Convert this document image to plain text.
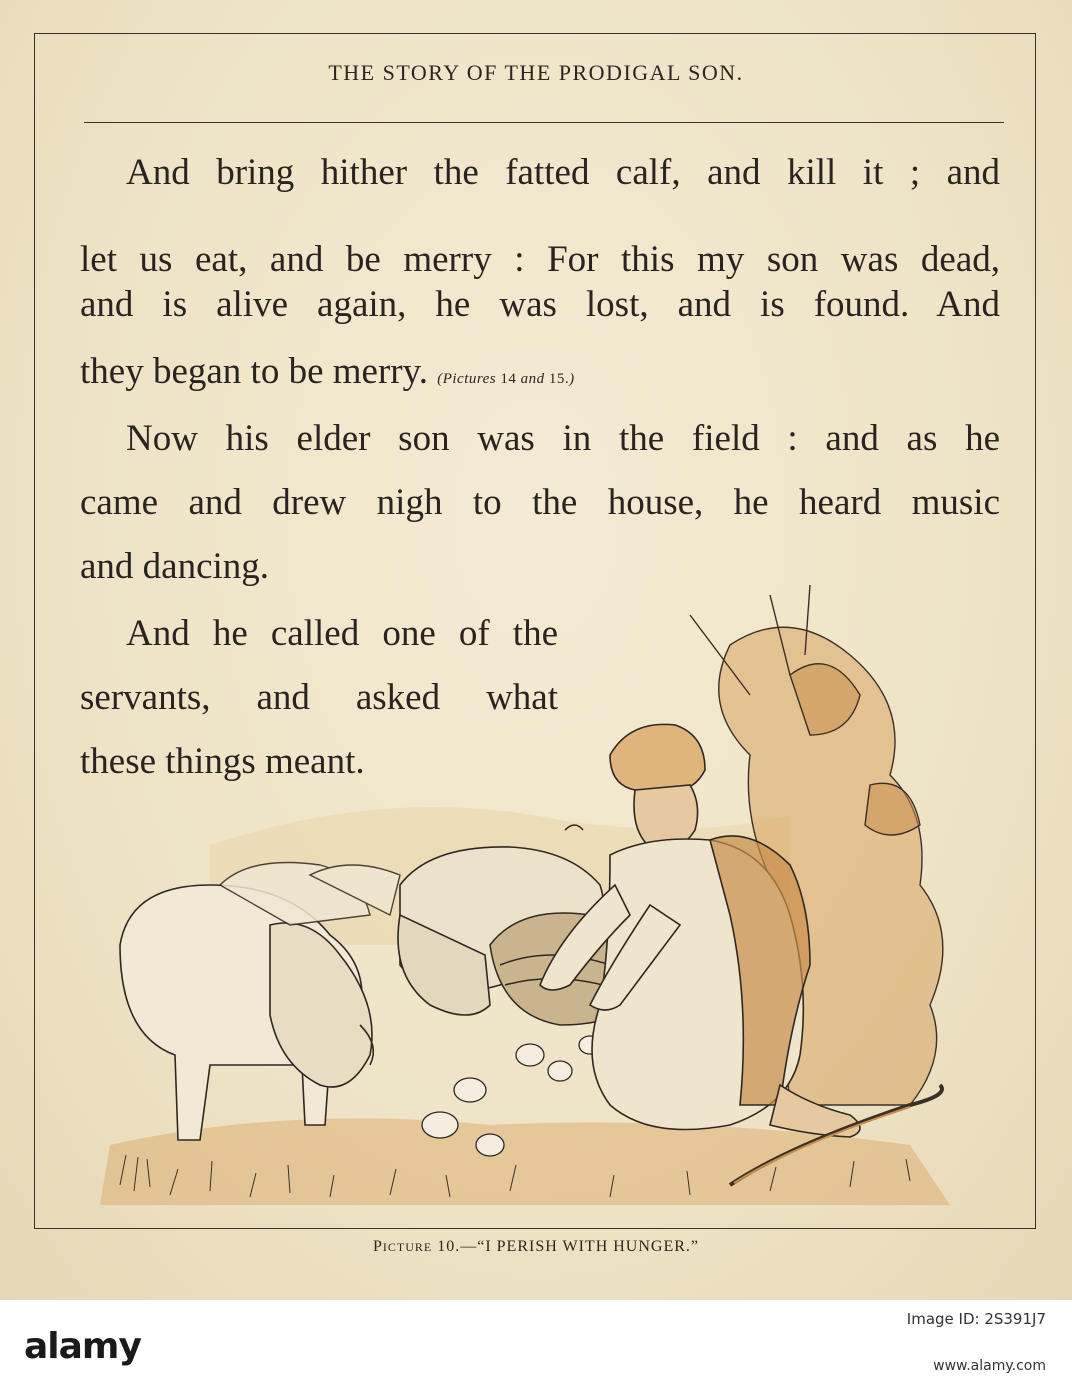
THE STORY OF THE PRODIGAL SON.
And bring hither the fatted calf, and kill it ; and
let us eat, and be merry : For this my son was dead,
and is alive again, he was lost, and is found. And
they began to be merry. (Pictures 14 and 15.)
Now his elder son was in the field : and as he
came and drew nigh to the house, he heard music
and dancing.
And he called one of the
servants, and asked what
these things meant.
PICTURE 10.—“I PERISH WITH HUNGER.”
alamy
Image ID: 2S391J7
www.alamy.com
